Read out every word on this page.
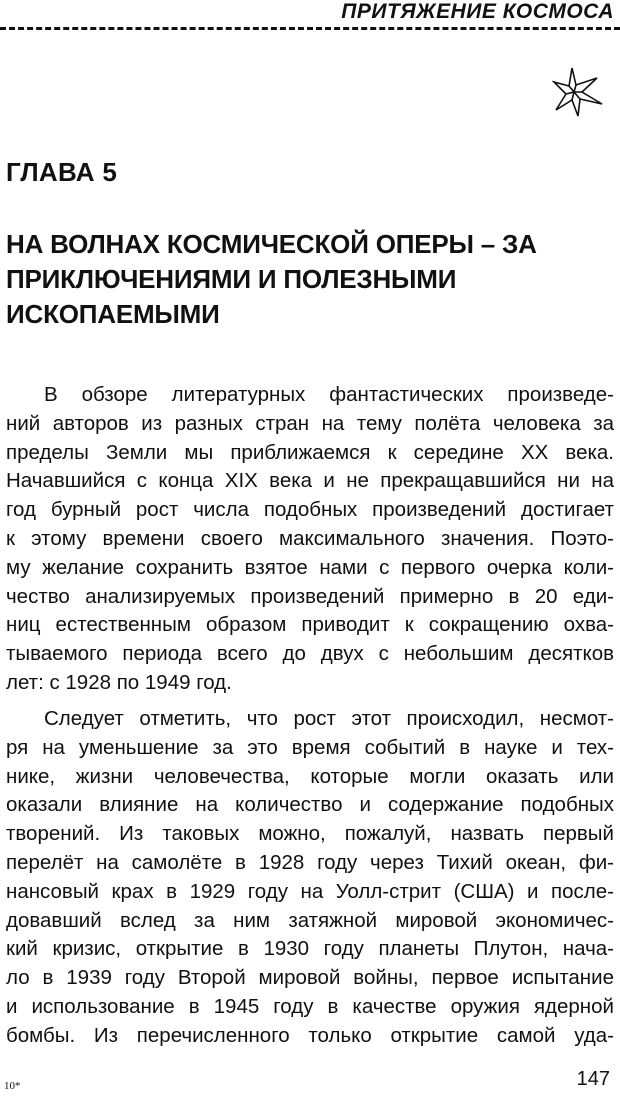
ПРИТЯЖЕНИЕ КОСМОСА
ГЛАВА 5
НА ВОЛНАХ КОСМИЧЕСКОЙ ОПЕРЫ – ЗА
ПРИКЛЮЧЕНИЯМИ И ПОЛЕЗНЫМИ
ИСКОПАЕМЫМИ
В обзоре литературных фантастических произведе-
ний авторов из разных стран на тему полёта человека за
пределы Земли мы приближаемся к середине XX века.
Начавшийся с конца XIX века и не прекращавшийся ни на
год бурный рост числа подобных произведений достигает
к этому времени своего максимального значения. Поэто-
му желание сохранить взятое нами с первого очерка коли-
чество анализируемых произведений примерно в 20 еди-
ниц естественным образом приводит к сокращению охва-
тываемого периода всего до двух с небольшим десятков
лет: с 1928 по 1949 год.
Следует отметить, что рост этот происходил, несмот-
ря на уменьшение за это время событий в науке и тех-
нике, жизни человечества, которые могли оказать или
оказали влияние на количество и содержание подобных
творений. Из таковых можно, пожалуй, назвать первый
перелёт на самолёте в 1928 году через Тихий океан, фи-
нансовый крах в 1929 году на Уолл-стрит (США) и после-
довавший вслед за ним затяжной мировой экономичес-
кий кризис, открытие в 1930 году планеты Плутон, нача-
ло в 1939 году Второй мировой войны, первое испытание
и использование в 1945 году в качестве оружия ядерной
бомбы. Из перечисленного только открытие самой уда-
10*	147
